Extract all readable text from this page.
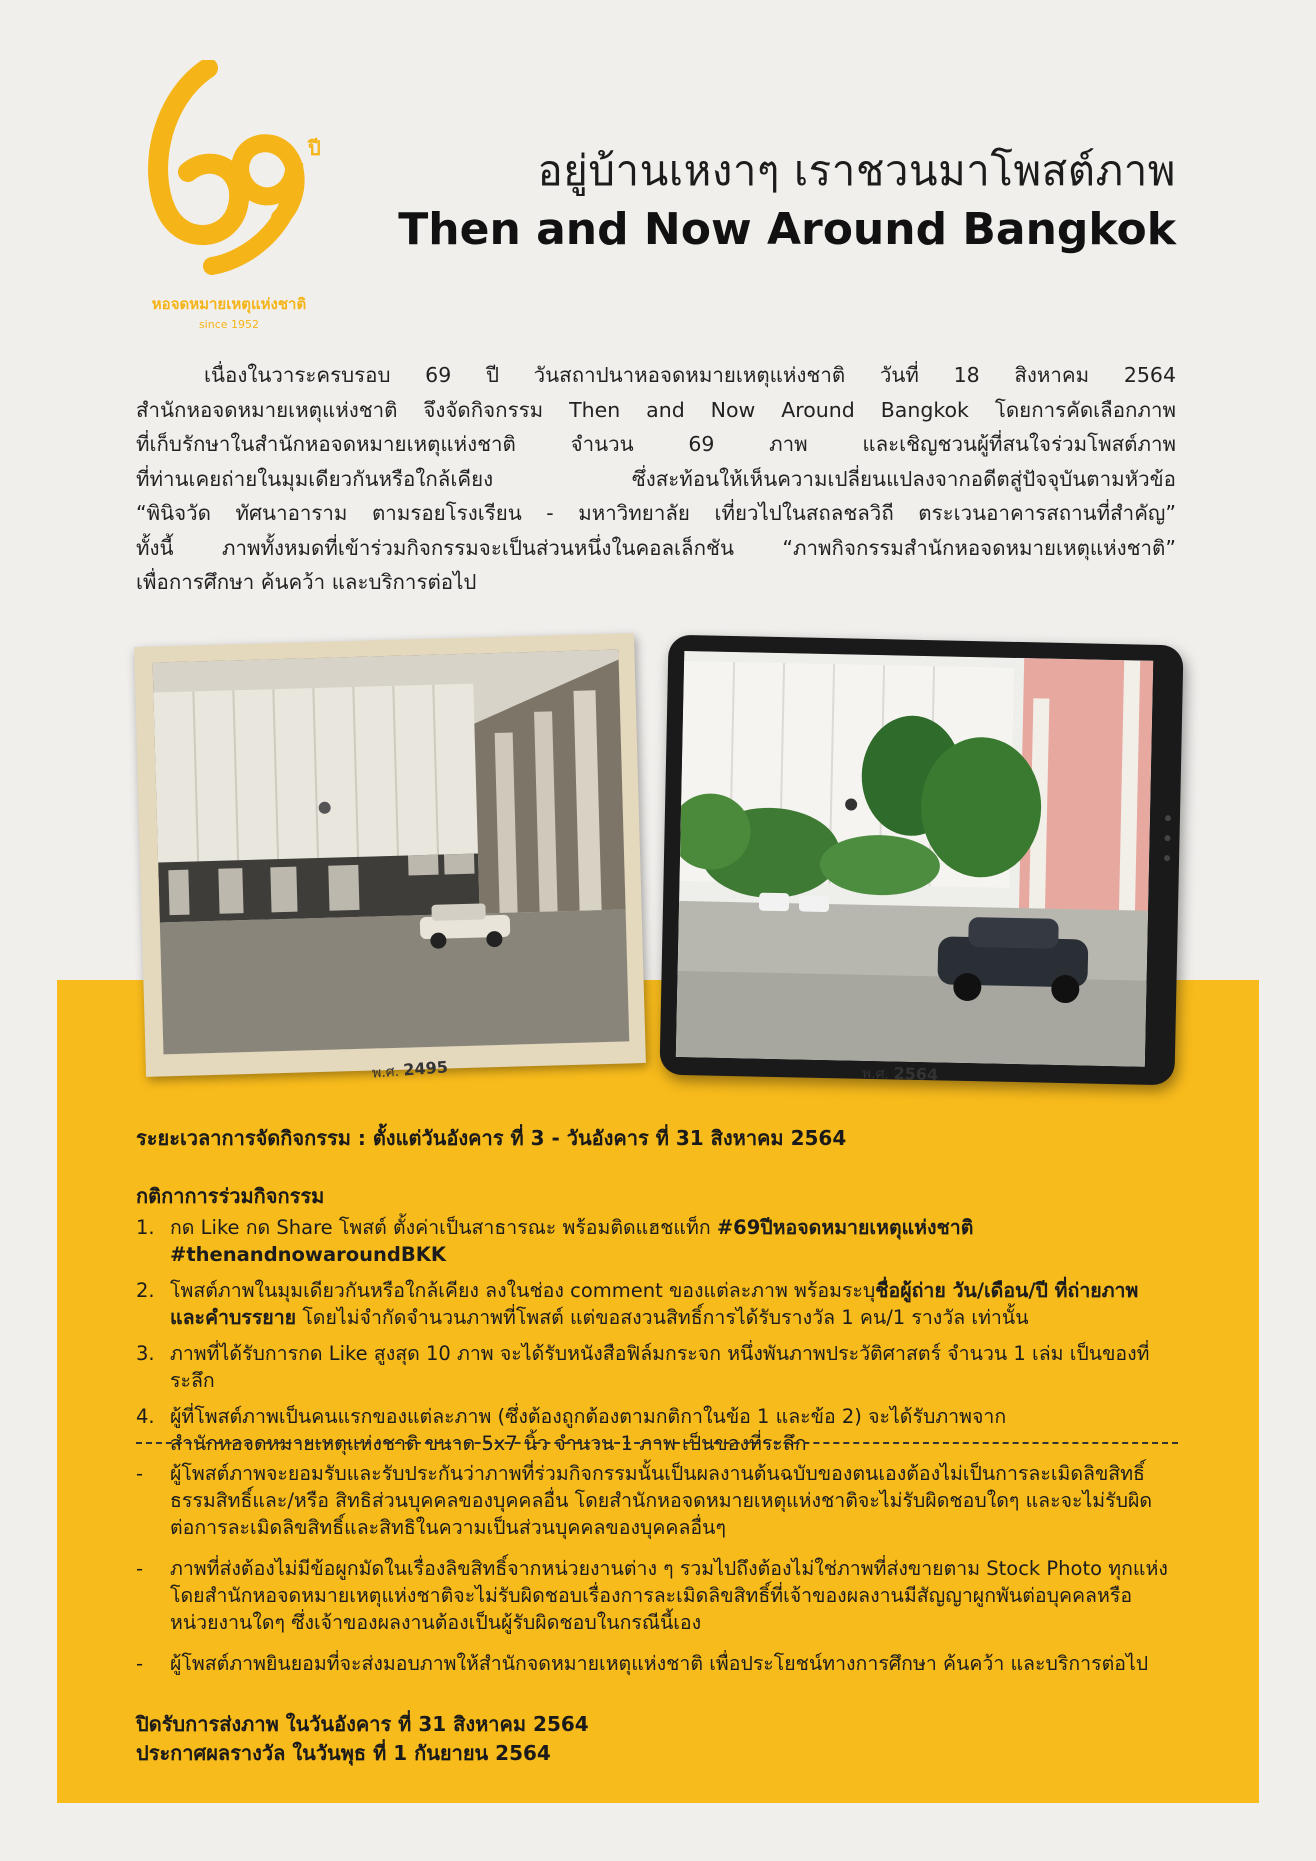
ปี
หอจดหมายเหตุแห่งชาติ
since 1952
อยู่บ้านเหงาๆ เราชวนมาโพสต์ภาพ
Then and Now Around Bangkok

เนื่องในวาระครบรอบ 69 ปี วันสถาปนาหอจดหมายเหตุแห่งชาติ วันที่ 18 สิงหาคม 2564

สำนักหอจดหมายเหตุแห่งชาติ จึงจัดกิจกรรม Then and Now Around Bangkok โดยการคัดเลือกภาพ

ที่เก็บรักษาในสำนักหอจดหมายเหตุแห่งชาติ จำนวน 69 ภาพ และเชิญชวนผู้ที่สนใจร่วมโพสต์ภาพ

ที่ท่านเคยถ่ายในมุมเดียวกันหรือใกล้เคียง ซึ่งสะท้อนให้เห็นความเปลี่ยนแปลงจากอดีตสู่ปัจจุบันตามหัวข้อ

“พินิจวัด ทัศนาอาราม ตามรอยโรงเรียน - มหาวิทยาลัย เที่ยวไปในสถลชลวิถี ตระเวนอาคารสถานที่สำคัญ”

ทั้งนี้ ภาพทั้งหมดที่เข้าร่วมกิจกรรมจะเป็นส่วนหนึ่งในคอลเล็กชัน “ภาพกิจกรรมสำนักหอจดหมายเหตุแห่งชาติ”

เพื่อการศึกษา ค้นคว้า และบริการต่อไป

พ.ศ. 2495	พ.ศ. 2564
ระยะเวลาการจัดกิจกรรม : ตั้งแต่วันอังคาร ที่ 3 - วันอังคาร ที่ 31 สิงหาคม 2564
กติกาการร่วมกิจกรรม
1. กด Like กด Share โพสต์ ตั้งค่าเป็นสาธารณะ พร้อมติดแฮชแท็ก #69ปีหอจดหมายเหตุแห่งชาติ
#thenandnowaroundBKK
2. โพสต์ภาพในมุมเดียวกันหรือใกล้เคียง ลงในช่อง comment ของแต่ละภาพ พร้อมระบุชื่อผู้ถ่าย วัน/เดือน/ปี ที่ถ่ายภาพ
และคำบรรยาย โดยไม่จำกัดจำนวนภาพที่โพสต์ แต่ขอสงวนสิทธิ์การได้รับรางวัล 1 คน/1 รางวัล เท่านั้น
3. ภาพที่ได้รับการกด Like สูงสุด 10 ภาพ จะได้รับหนังสือฟิล์มกระจก หนึ่งพันภาพประวัติศาสตร์ จำนวน 1 เล่ม เป็นของที่ระลึก
4. ผู้ที่โพสต์ภาพเป็นคนแรกของแต่ละภาพ (ซึ่งต้องถูกต้องตามกติกาในข้อ 1 และข้อ 2) จะได้รับภาพจาก
สำนักหอจดหมายเหตุแห่งชาติ ขนาด 5x7 นิ้ว จำนวน 1 ภาพ เป็นของที่ระลึก
-	ผู้โพสต์ภาพจะยอมรับและรับประกันว่าภาพที่ร่วมกิจกรรมนั้นเป็นผลงานต้นฉบับของตนเองต้องไม่เป็นการละเมิดลิขสิทธิ์ ธรรมสิทธิ์และ/หรือ สิทธิส่วนบุคคลของบุคคลอื่น โดยสำนักหอจดหมายเหตุแห่งชาติจะไม่รับผิดชอบใดๆ และจะไม่รับผิดต่อการละเมิดลิขสิทธิ์และสิทธิในความเป็นส่วนบุคคลของบุคคลอื่นๆ
-	ภาพที่ส่งต้องไม่มีข้อผูกมัดในเรื่องลิขสิทธิ์จากหน่วยงานต่าง ๆ รวมไปถึงต้องไม่ใช่ภาพที่ส่งขายตาม Stock Photo ทุกแห่ง โดยสำนักหอจดหมายเหตุแห่งชาติจะไม่รับผิดชอบเรื่องการละเมิดลิขสิทธิ์ที่เจ้าของผลงานมีสัญญาผูกพันต่อบุคคลหรือหน่วยงานใดๆ ซึ่งเจ้าของผลงานต้องเป็นผู้รับผิดชอบในกรณีนี้เอง
-	ผู้โพสต์ภาพยินยอมที่จะส่งมอบภาพให้สำนักจดหมายเหตุแห่งชาติ เพื่อประโยชน์ทางการศึกษา ค้นคว้า และบริการต่อไป
ปิดรับการส่งภาพ ในวันอังคาร ที่ 31 สิงหาคม 2564
ประกาศผลรางวัล ในวันพุธ ที่ 1 กันยายน 2564
